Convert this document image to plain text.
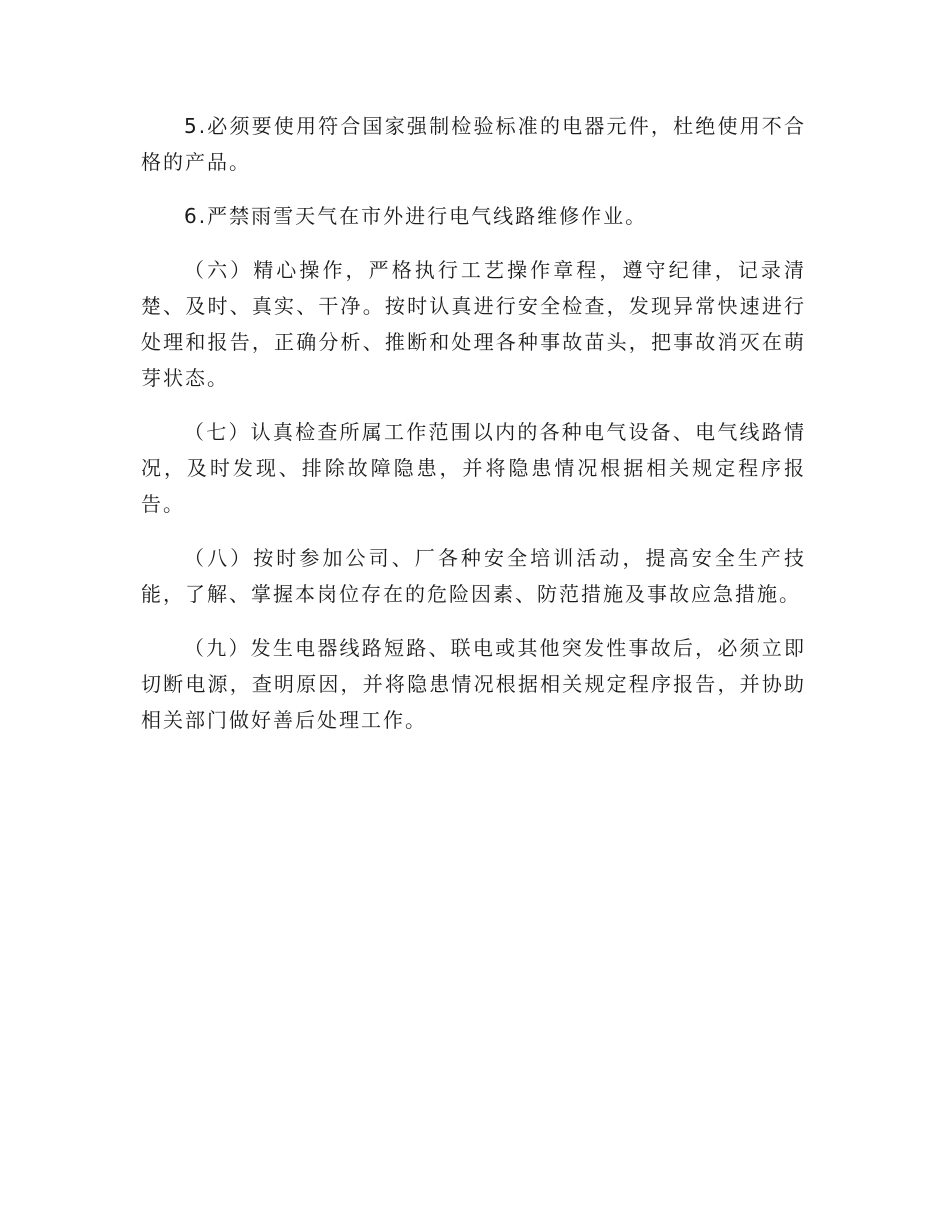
5.必须要使用符合国家强制检验标准的电器元件，杜绝使用不合格的产品。

6.严禁雨雪天气在市外进行电气线路维修作业。

（六）精心操作，严格执行工艺操作章程，遵守纪律，记录清楚、及时、真实、干净。按时认真进行安全检查，发现异常快速进行处理和报告，正确分析、推断和处理各种事故苗头，把事故消灭在萌芽状态。

（七）认真检查所属工作范围以内的各种电气设备、电气线路情况，及时发现、排除故障隐患，并将隐患情况根据相关规定程序报告。

（八）按时参加公司、厂各种安全培训活动，提高安全生产技能，了解、掌握本岗位存在的危险因素、防范措施及事故应急措施。

（九）发生电器线路短路、联电或其他突发性事故后，必须立即切断电源，查明原因，并将隐患情况根据相关规定程序报告，并协助相关部门做好善后处理工作。
